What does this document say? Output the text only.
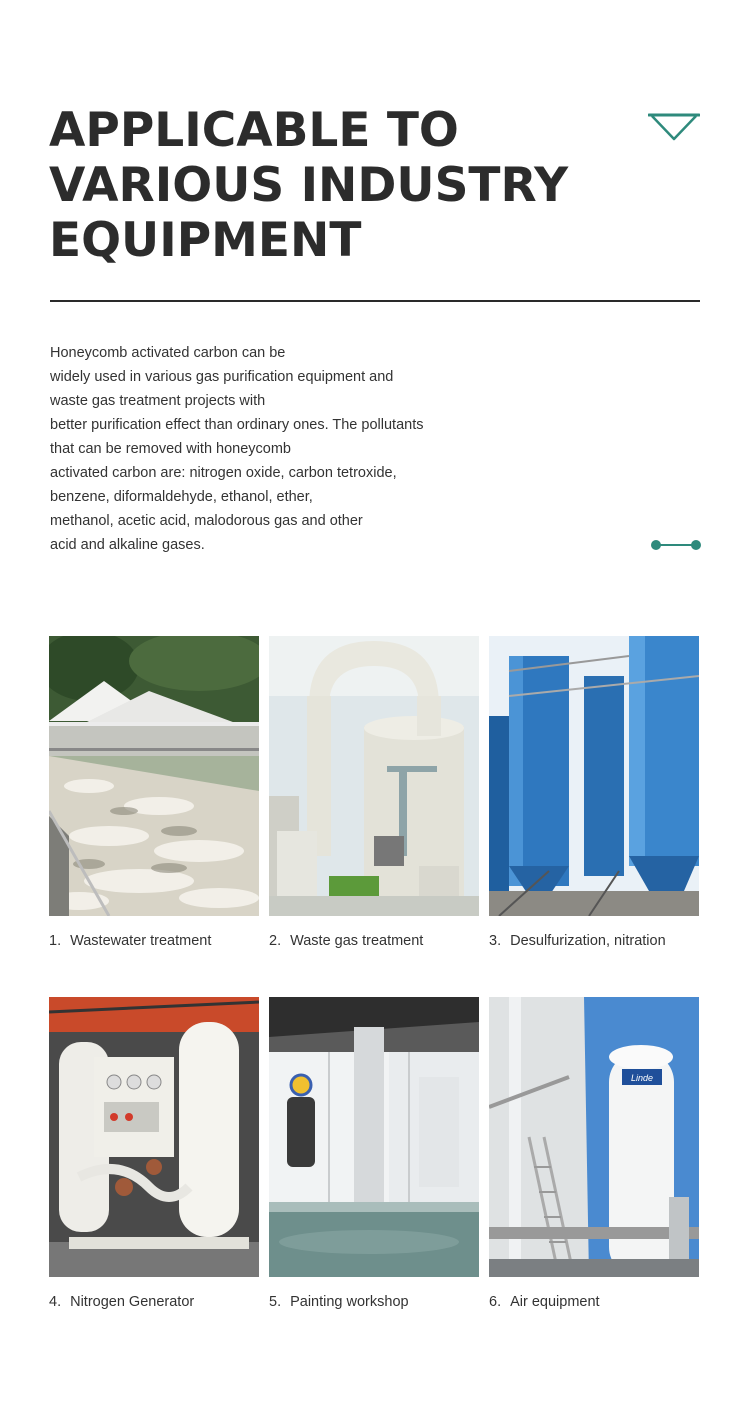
APPLICABLE TO
VARIOUS INDUSTRY
EQUIPMENT
Honeycomb activated carbon can be
widely used in various gas purification equipment and
waste gas treatment projects with
better purification effect than ordinary ones. The pollutants
that can be removed with honeycomb
activated carbon are: nitrogen oxide, carbon tetroxide,
benzene, diformaldehyde, ethanol, ether,
methanol, acetic acid, malodorous gas and other
acid and alkaline gases.
1. Wastewater treatment	2. Waste gas treatment	3. Desulfurization, nitration
4. Nitrogen Generator	5. Painting workshop
Linde
6. Air equipment
